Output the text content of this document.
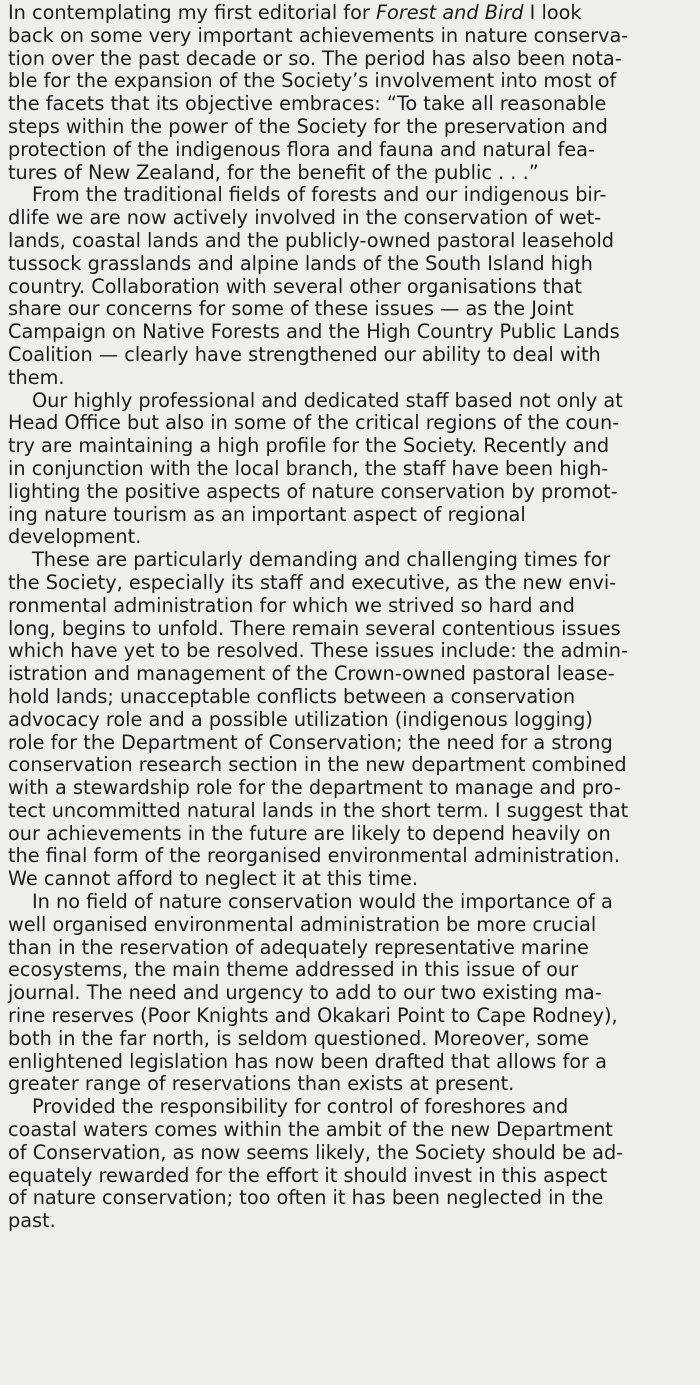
In contemplating my first editorial for Forest and Bird I look
back on some very important achievements in nature conserva-
tion over the past decade or so. The period has also been nota-
ble for the expansion of the Society’s involvement into most of
the facets that its objective embraces: “To take all reasonable
steps within the power of the Society for the preservation and
protection of the indigenous flora and fauna and natural fea-
tures of New Zealand, for the benefit of the public . . .”
From the traditional fields of forests and our indigenous bir-
dlife we are now actively involved in the conservation of wet-
lands, coastal lands and the publicly-owned pastoral leasehold
tussock grasslands and alpine lands of the South Island high
country. Collaboration with several other organisations that
share our concerns for some of these issues — as the Joint
Campaign on Native Forests and the High Country Public Lands
Coalition — clearly have strengthened our ability to deal with
them.
Our highly professional and dedicated staff based not only at
Head Office but also in some of the critical regions of the coun-
try are maintaining a high profile for the Society. Recently and
in conjunction with the local branch, the staff have been high-
lighting the positive aspects of nature conservation by promot-
ing nature tourism as an important aspect of regional
development.
These are particularly demanding and challenging times for
the Society, especially its staff and executive, as the new envi-
ronmental administration for which we strived so hard and
long, begins to unfold. There remain several contentious issues
which have yet to be resolved. These issues include: the admin-
istration and management of the Crown-owned pastoral lease-
hold lands; unacceptable conflicts between a conservation
advocacy role and a possible utilization (indigenous logging)
role for the Department of Conservation; the need for a strong
conservation research section in the new department combined
with a stewardship role for the department to manage and pro-
tect uncommitted natural lands in the short term. I suggest that
our achievements in the future are likely to depend heavily on
the final form of the reorganised environmental administration.
We cannot afford to neglect it at this time.
In no field of nature conservation would the importance of a
well organised environmental administration be more crucial
than in the reservation of adequately representative marine
ecosystems, the main theme addressed in this issue of our
journal. The need and urgency to add to our two existing ma-
rine reserves (Poor Knights and Okakari Point to Cape Rodney),
both in the far north, is seldom questioned. Moreover, some
enlightened legislation has now been drafted that allows for a
greater range of reservations than exists at present.
Provided the responsibility for control of foreshores and
coastal waters comes within the ambit of the new Department
of Conservation, as now seems likely, the Society should be ad-
equately rewarded for the effort it should invest in this aspect
of nature conservation; too often it has been neglected in the
past.
